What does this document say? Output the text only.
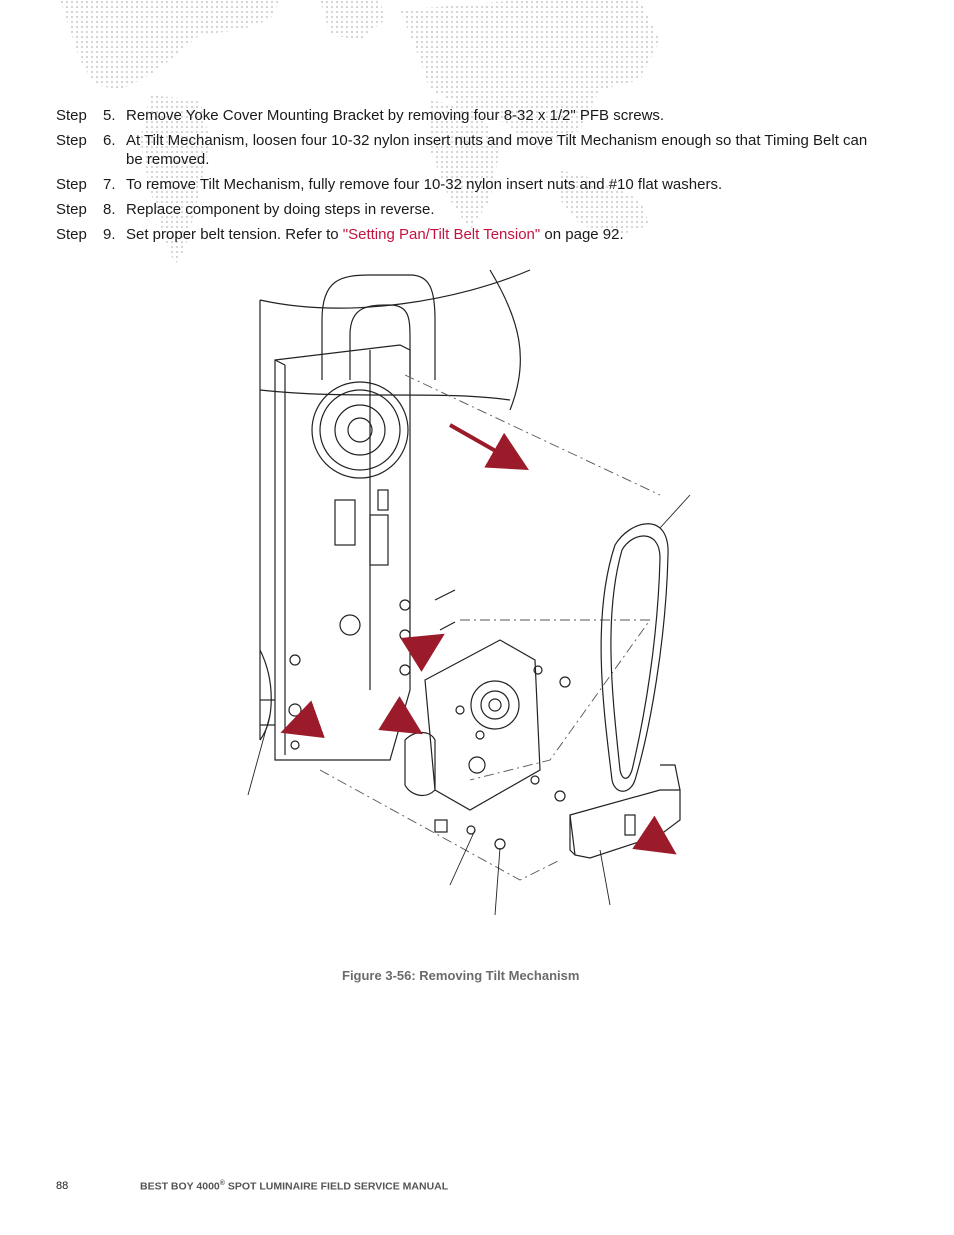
Step	5. Remove Yoke Cover Mounting Bracket by removing four 8-32 x 1/2" PFB screws.
Step	6. At Tilt Mechanism, loosen four 10-32 nylon insert nuts and move Tilt Mechanism enough so that Timing Belt can be removed.
Step	7. To remove Tilt Mechanism, fully remove four 10-32 nylon insert nuts and #10 flat washers.
Step	8. Replace component by doing steps in reverse.
Step	9. Set proper belt tension. Refer to "Setting Pan/Tilt Belt Tension" on page 92.
Figure 3-56: Removing Tilt Mechanism
88	BEST BOY 4000® SPOT LUMINAIRE FIELD SERVICE MANUAL
